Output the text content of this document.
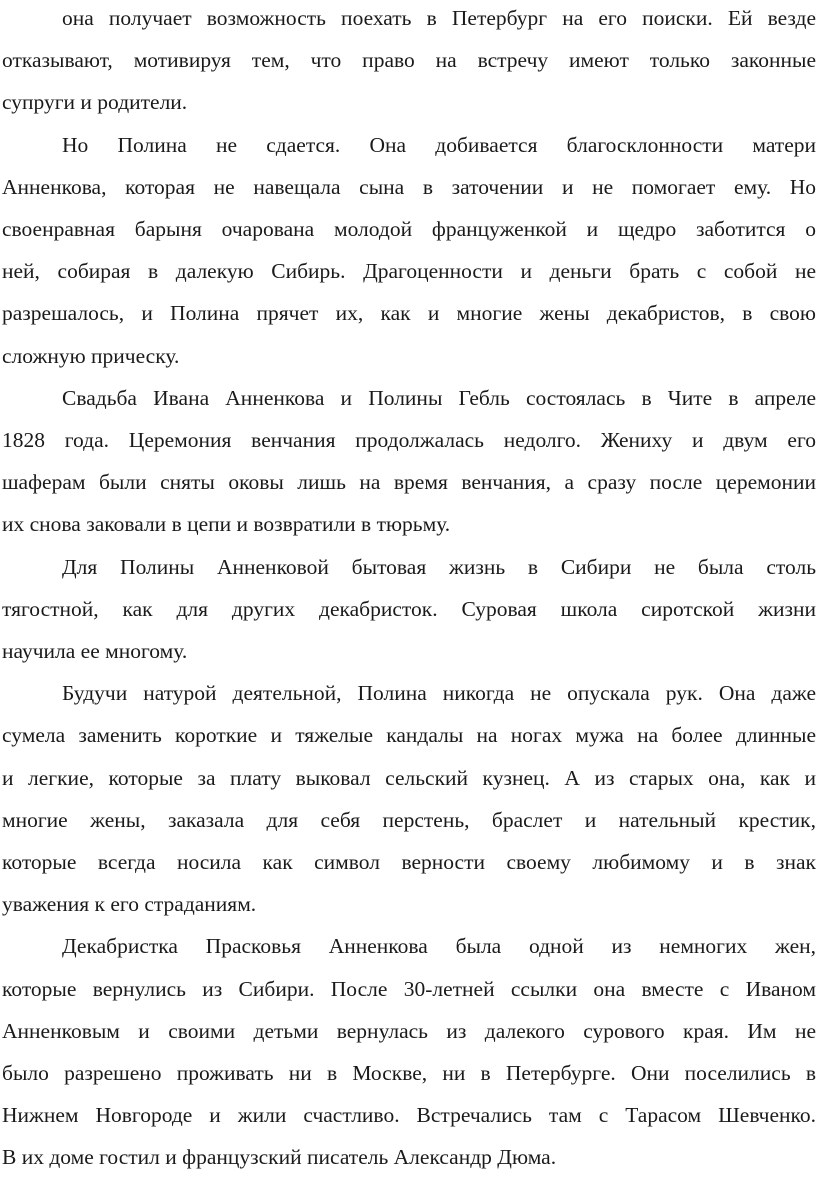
она получает возможность поехать в Петербург на его поиски. Ей везде
отказывают, мотивируя тем, что право на встречу имеют только законные
супруги и родители.
Но Полина не сдается. Она добивается благосклонности матери
Анненкова, которая не навещала сына в заточении и не помогает ему. Но
своенравная барыня очарована молодой француженкой и щедро заботится о
ней, собирая в далекую Сибирь. Драгоценности и деньги брать с собой не
разрешалось, и Полина прячет их, как и многие жены декабристов, в свою
сложную прическу.
Свадьба Ивана Анненкова и Полины Гебль состоялась в Чите в апреле
1828 года. Церемония венчания продолжалась недолго. Жениху и двум его
шаферам были сняты оковы лишь на время венчания, а сразу после церемонии
их снова заковали в цепи и возвратили в тюрьму.
Для Полины Анненковой бытовая жизнь в Сибири не была столь
тягостной, как для других декабристок. Суровая школа сиротской жизни
научила ее многому.
Будучи натурой деятельной, Полина никогда не опускала рук. Она даже
сумела заменить короткие и тяжелые кандалы на ногах мужа на более длинные
и легкие, которые за плату выковал сельский кузнец. А из старых она, как и
многие жены, заказала для себя перстень, браслет и нательный крестик,
которые всегда носила как символ верности своему любимому и в знак
уважения к его страданиям.
Декабристка Прасковья Анненкова была одной из немногих жен,
которые вернулись из Сибири. После 30-летней ссылки она вместе с Иваном
Анненковым и своими детьми вернулась из далекого сурового края. Им не
было разрешено проживать ни в Москве, ни в Петербурге. Они поселились в
Нижнем Новгороде и жили счастливо. Встречались там с Тарасом Шевченко.
В их доме гостил и французский писатель Александр Дюма.
